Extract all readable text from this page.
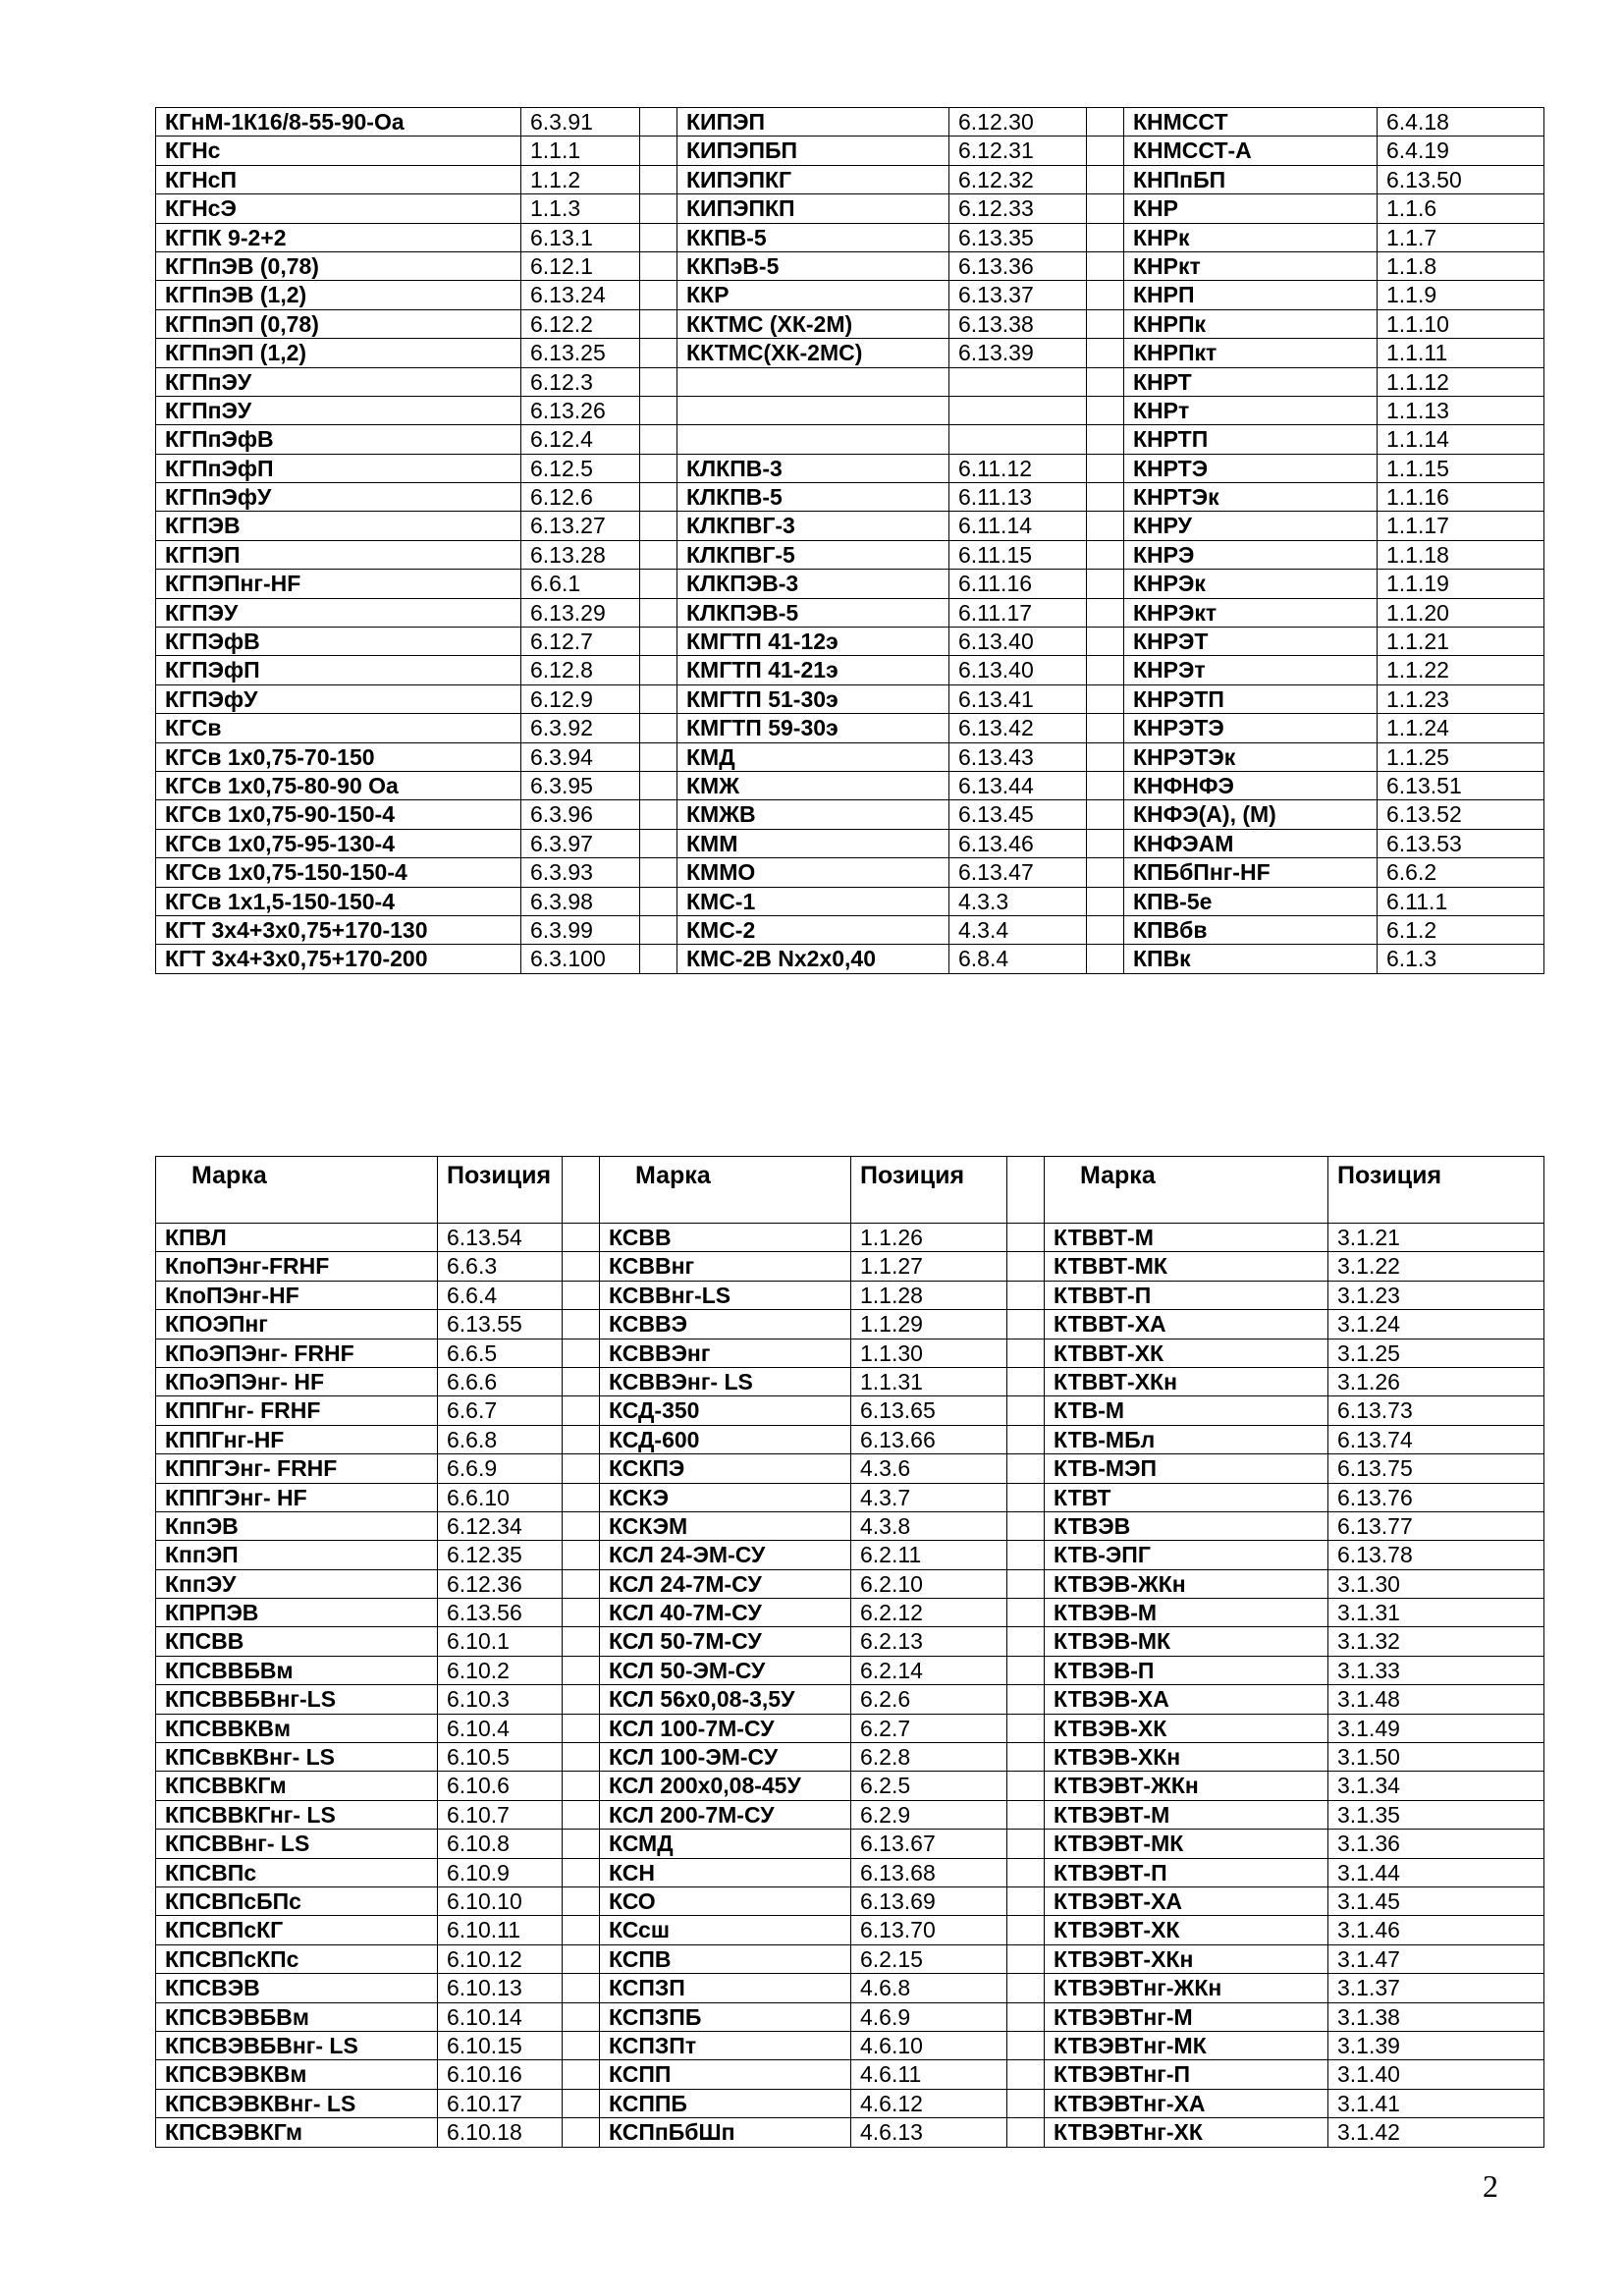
КГнМ-1К16/8-55-90-Оа	6.3.91		КИПЭП	6.12.30		КНМССТ	6.4.18
КГНс	1.1.1		КИПЭПБП	6.12.31		КНМССТ-А	6.4.19
КГНсП	1.1.2		КИПЭПКГ	6.12.32		КНПпБП	6.13.50
КГНсЭ	1.1.3		КИПЭПКП	6.12.33		КНР	1.1.6
КГПК 9-2+2	6.13.1		ККПВ-5	6.13.35		КНРк	1.1.7
КГПпЭВ (0,78)	6.12.1		ККПэВ-5	6.13.36		КНРкт	1.1.8
КГПпЭВ (1,2)	6.13.24		ККР	6.13.37		КНРП	1.1.9
КГПпЭП (0,78)	6.12.2		ККТМС (ХК-2М)	6.13.38		КНРПк	1.1.10
КГПпЭП (1,2)	6.13.25		ККТМС(ХК-2МС)	6.13.39		КНРПкт	1.1.11
КГПпЭУ	6.12.3					КНРТ	1.1.12
КГПпЭУ	6.13.26					КНРт	1.1.13
КГПпЭфВ	6.12.4					КНРТП	1.1.14
КГПпЭфП	6.12.5		КЛКПВ-3	6.11.12		КНРТЭ	1.1.15
КГПпЭфУ	6.12.6		КЛКПВ-5	6.11.13		КНРТЭк	1.1.16
КГПЭВ	6.13.27		КЛКПВГ-3	6.11.14		КНРУ	1.1.17
КГПЭП	6.13.28		КЛКПВГ-5	6.11.15		КНРЭ	1.1.18
КГПЭПнг-HF	6.6.1		КЛКПЭВ-3	6.11.16		КНРЭк	1.1.19
КГПЭУ	6.13.29		КЛКПЭВ-5	6.11.17		КНРЭкт	1.1.20
КГПЭфВ	6.12.7		КМГТП 41-12э	6.13.40		КНРЭТ	1.1.21
КГПЭфП	6.12.8		КМГТП 41-21э	6.13.40		КНРЭт	1.1.22
КГПЭфУ	6.12.9		КМГТП 51-30э	6.13.41		КНРЭТП	1.1.23
КГСв	6.3.92		КМГТП 59-30э	6.13.42		КНРЭТЭ	1.1.24
КГСв 1х0,75-70-150	6.3.94		КМД	6.13.43		КНРЭТЭк	1.1.25
КГСв 1х0,75-80-90 Оа	6.3.95		КМЖ	6.13.44		КНФНФЭ	6.13.51
КГСв 1х0,75-90-150-4	6.3.96		КМЖВ	6.13.45		КНФЭ(А), (М)	6.13.52
КГСв 1х0,75-95-130-4	6.3.97		КММ	6.13.46		КНФЭАМ	6.13.53
КГСв 1х0,75-150-150-4	6.3.93		КММО	6.13.47		КПБбПнг-HF	6.6.2
КГСв 1х1,5-150-150-4	6.3.98		КМС-1	4.3.3		КПВ-5е	6.11.1
КГТ 3х4+3х0,75+170-130	6.3.99		КМС-2	4.3.4		КПВбв	6.1.2
КГТ 3х4+3х0,75+170-200	6.3.100		КМС-2В Nх2х0,40	6.8.4		КПВк	6.1.3
Марка	Позиция		Марка	Позиция		Марка	Позиция
КПВЛ	6.13.54		КСВВ	1.1.26		КТВВТ-М	3.1.21
КпоПЭнг-FRHF	6.6.3		КСВВнг	1.1.27		КТВВТ-МК	3.1.22
КпоПЭнг-HF	6.6.4		КСВВнг-LS	1.1.28		КТВВТ-П	3.1.23
КПОЭПнг	6.13.55		КСВВЭ	1.1.29		КТВВТ-ХА	3.1.24
КПоЭПЭнг- FRHF	6.6.5		КСВВЭнг	1.1.30		КТВВТ-ХК	3.1.25
КПоЭПЭнг- HF	6.6.6		КСВВЭнг- LS	1.1.31		КТВВТ-ХКн	3.1.26
КППГнг- FRHF	6.6.7		КСД-350	6.13.65		КТВ-М	6.13.73
КППГнг-HF	6.6.8		КСД-600	6.13.66		КТВ-МБл	6.13.74
КППГЭнг- FRHF	6.6.9		КСКПЭ	4.3.6		КТВ-МЭП	6.13.75
КППГЭнг- HF	6.6.10		КСКЭ	4.3.7		КТВТ	6.13.76
КппЭВ	6.12.34		КСКЭМ	4.3.8		КТВЭВ	6.13.77
КппЭП	6.12.35		КСЛ 24-ЭМ-СУ	6.2.11		КТВ-ЭПГ	6.13.78
КппЭУ	6.12.36		КСЛ 24-7М-СУ	6.2.10		КТВЭВ-ЖКн	3.1.30
КПРПЭВ	6.13.56		КСЛ 40-7М-СУ	6.2.12		КТВЭВ-М	3.1.31
КПСВВ	6.10.1		КСЛ 50-7М-СУ	6.2.13		КТВЭВ-МК	3.1.32
КПСВВБВм	6.10.2		КСЛ 50-ЭМ-СУ	6.2.14		КТВЭВ-П	3.1.33
КПСВВБВнг-LS	6.10.3		КСЛ 56х0,08-3,5У	6.2.6		КТВЭВ-ХА	3.1.48
КПСВВКВм	6.10.4		КСЛ 100-7М-СУ	6.2.7		КТВЭВ-ХК	3.1.49
КПСввКВнг- LS	6.10.5		КСЛ 100-ЭМ-СУ	6.2.8		КТВЭВ-ХКн	3.1.50
КПСВВКГм	6.10.6		КСЛ 200х0,08-45У	6.2.5		КТВЭВТ-ЖКн	3.1.34
КПСВВКГнг- LS	6.10.7		КСЛ 200-7М-СУ	6.2.9		КТВЭВТ-М	3.1.35
КПСВВнг- LS	6.10.8		КСМД	6.13.67		КТВЭВТ-МК	3.1.36
КПСВПс	6.10.9		КСН	6.13.68		КТВЭВТ-П	3.1.44
КПСВПсБПс	6.10.10		КСО	6.13.69		КТВЭВТ-ХА	3.1.45
КПСВПсКГ	6.10.11		КСсш	6.13.70		КТВЭВТ-ХК	3.1.46
КПСВПсКПс	6.10.12		КСПВ	6.2.15		КТВЭВТ-ХКн	3.1.47
КПСВЭВ	6.10.13		КСПЗП	4.6.8		КТВЭВТнг-ЖКн	3.1.37
КПСВЭВБВм	6.10.14		КСПЗПБ	4.6.9		КТВЭВТнг-М	3.1.38
КПСВЭВБВнг- LS	6.10.15		КСПЗПт	4.6.10		КТВЭВТнг-МК	3.1.39
КПСВЭВКВм	6.10.16		КСПП	4.6.11		КТВЭВТнг-П	3.1.40
КПСВЭВКВнг- LS	6.10.17		КСППБ	4.6.12		КТВЭВТнг-ХА	3.1.41
КПСВЭВКГм	6.10.18		КСПпБбШп	4.6.13		КТВЭВТнг-ХК	3.1.42
2
